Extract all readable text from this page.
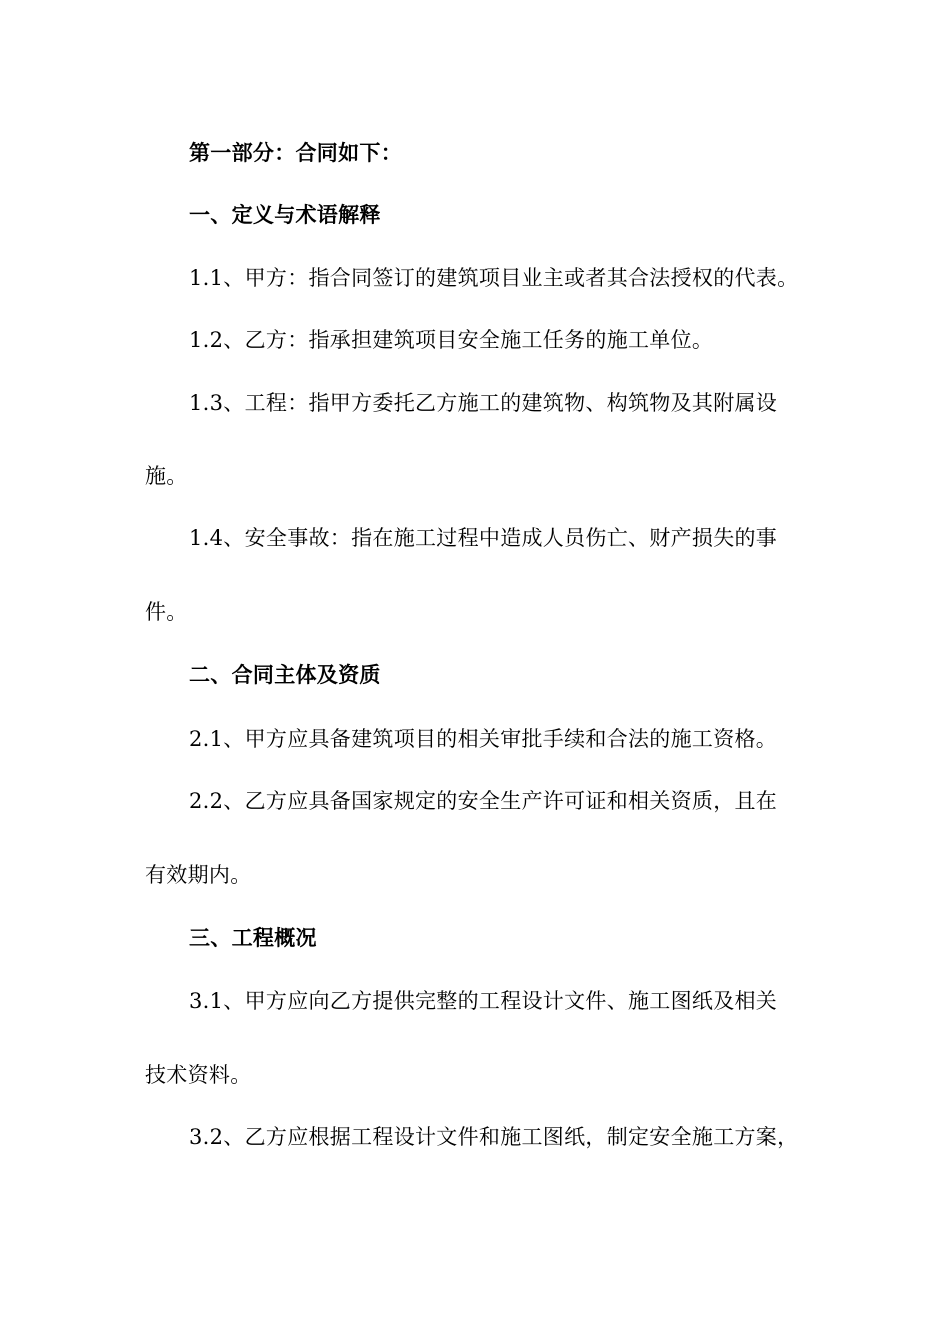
第一部分：合同如下：
一、定义与术语解释
1.1、甲方：指合同签订的建筑项目业主或者其合法授权的代表。
1.2、乙方：指承担建筑项目安全施工任务的施工单位。
1.3、工程：指甲方委托乙方施工的建筑物、构筑物及其附属设
施。
1.4、安全事故：指在施工过程中造成人员伤亡、财产损失的事
件。
二、合同主体及资质
2.1、甲方应具备建筑项目的相关审批手续和合法的施工资格。
2.2、乙方应具备国家规定的安全生产许可证和相关资质，且在
有效期内。
三、工程概况
3.1、甲方应向乙方提供完整的工程设计文件、施工图纸及相关
技术资料。
3.2、乙方应根据工程设计文件和施工图纸，制定安全施工方案，
